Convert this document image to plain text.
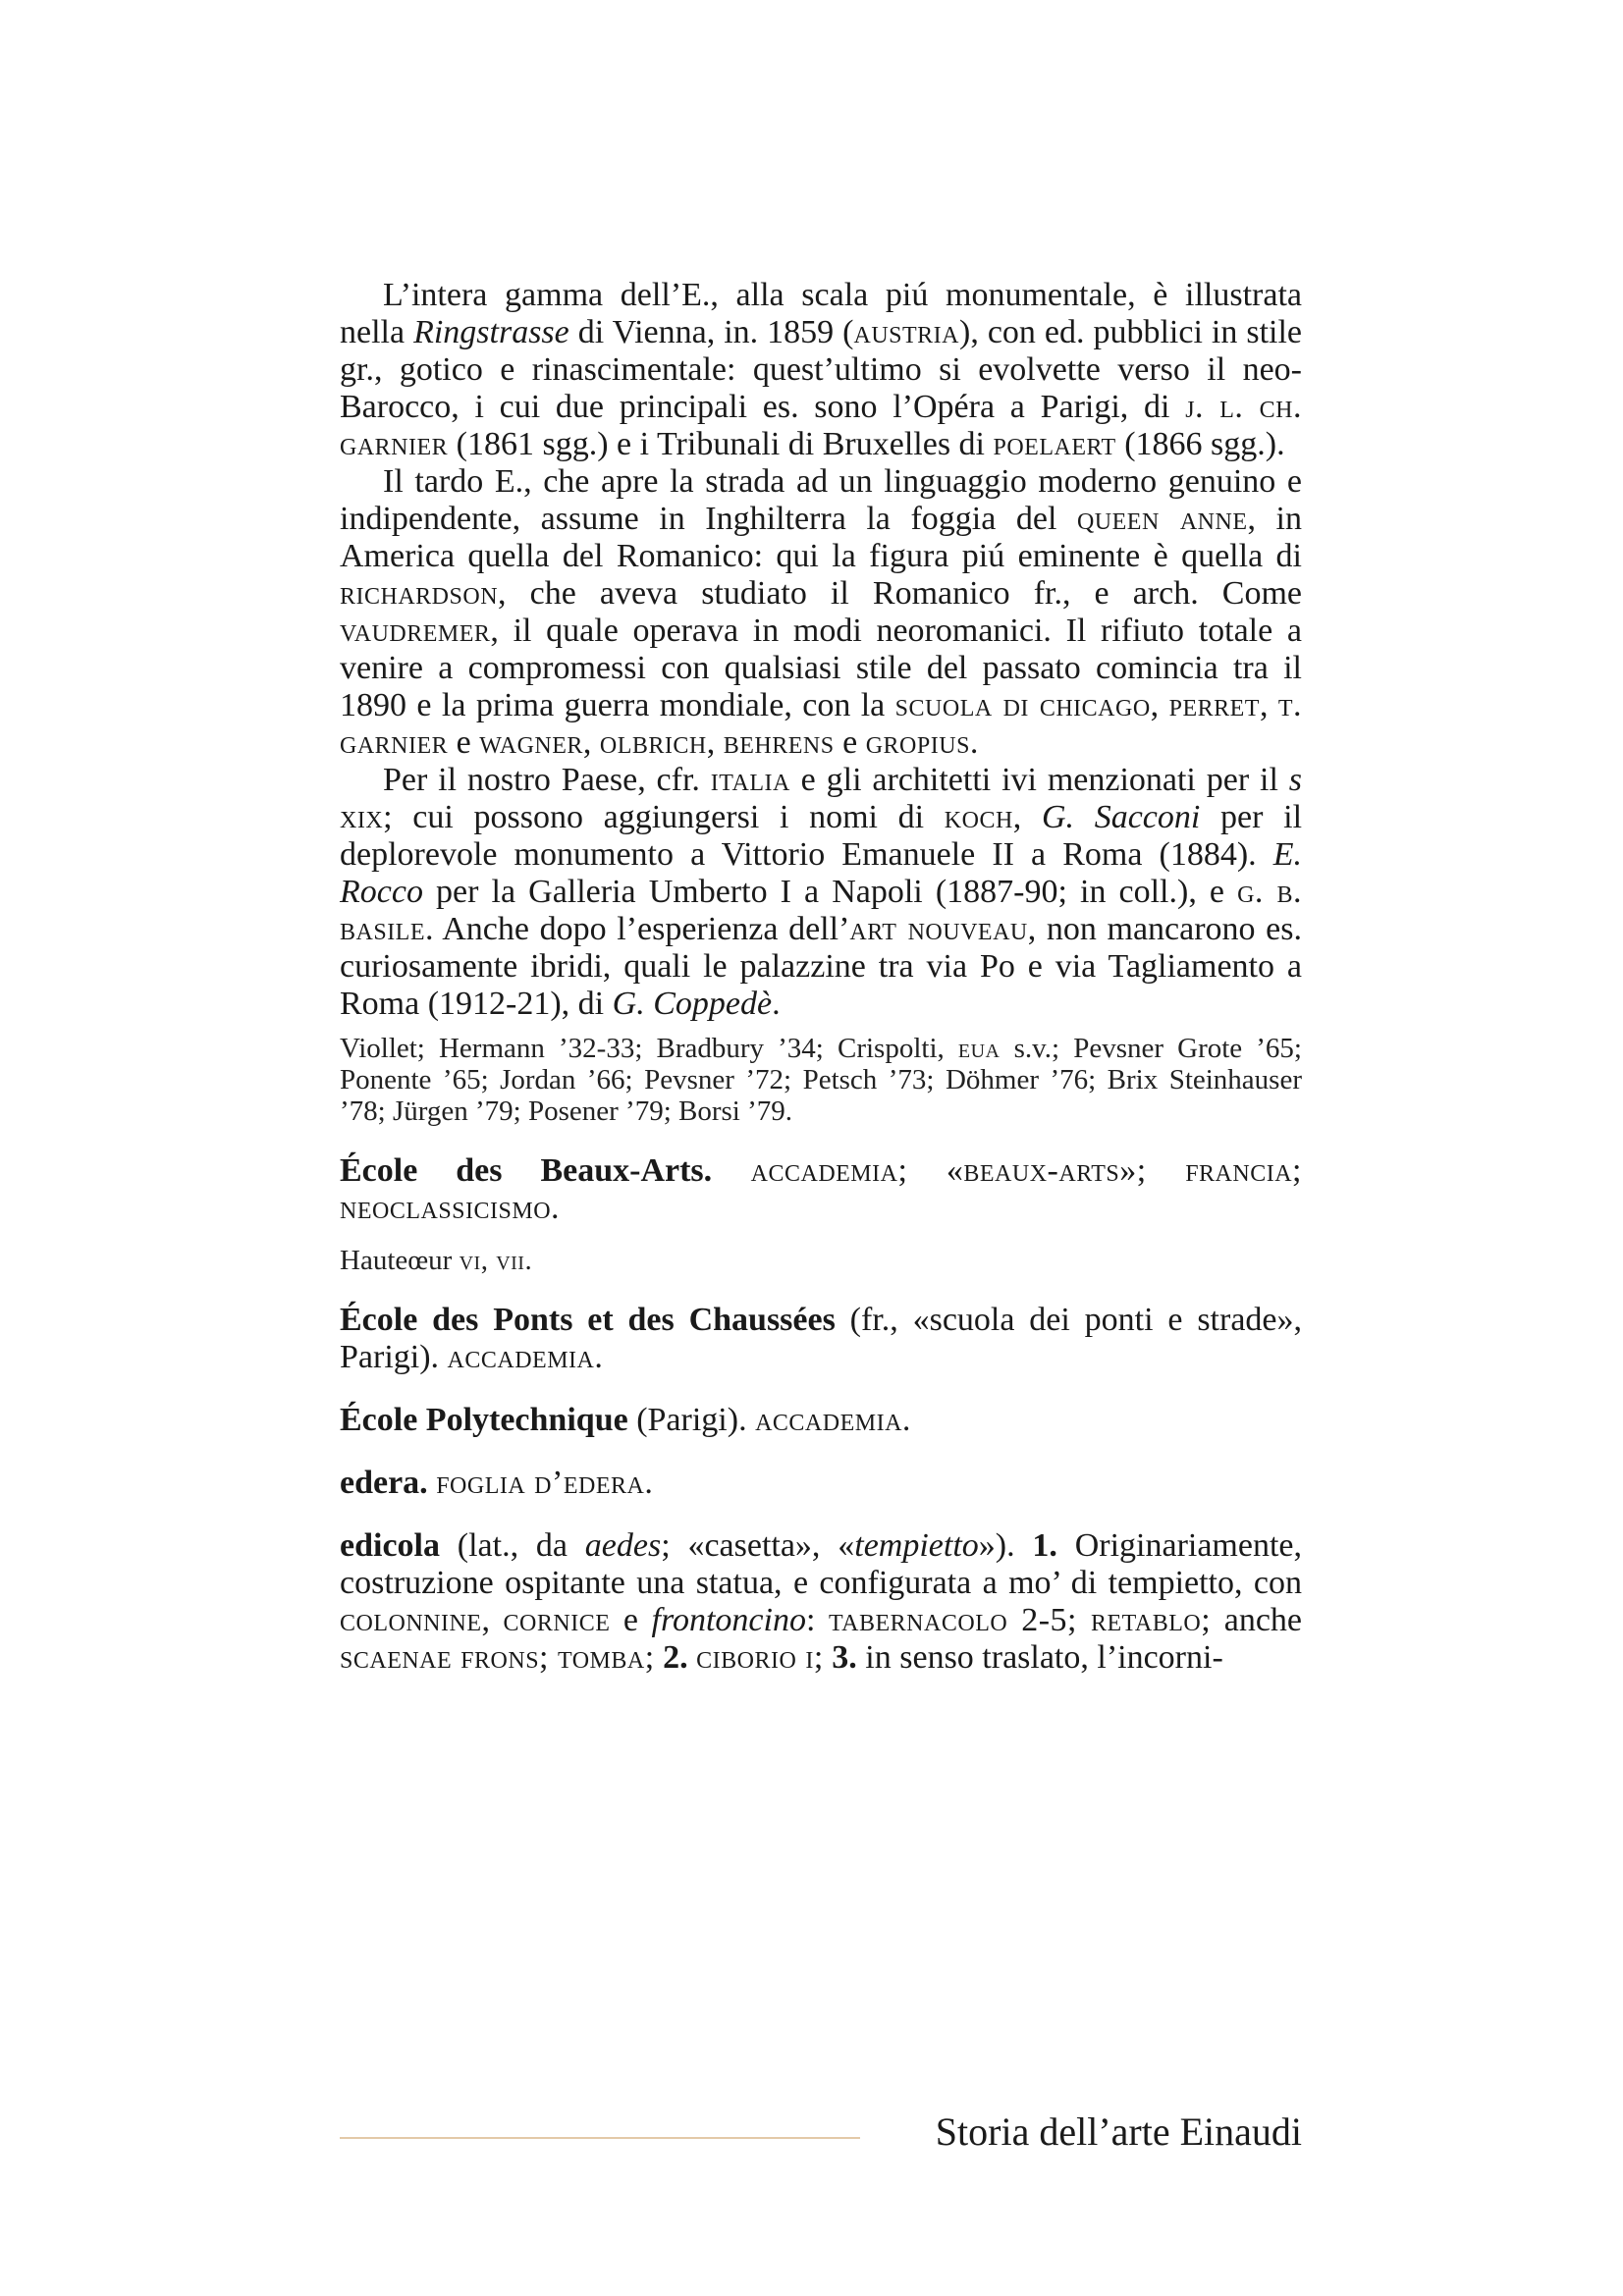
L’intera gamma dell’E., alla scala piú monumentale, è illustrata nella Ringstrasse di Vienna, in. 1859 (austria), con ed. pubblici in stile gr., gotico e rinascimentale: quest’ultimo si evolvette verso il neo-Barocco, i cui due principali es. sono l’Opéra a Parigi, di j. l. ch. garnier (1861 sgg.) e i Tribunali di Bruxelles di poelaert (1866 sgg.).

Il tardo E., che apre la strada ad un linguaggio moderno genuino e indipendente, assume in Inghilterra la foggia del queen anne, in America quella del Romanico: qui la figura piú eminente è quella di richardson, che aveva studiato il Romanico fr., e arch. Come vaudremer, il quale operava in modi neoromanici. Il rifiuto totale a venire a compromessi con qualsiasi stile del passato comincia tra il 1890 e la prima guerra mondiale, con la scuola di chicago, perret, t. garnier e wagner, olbrich, behrens e gropius.

Per il nostro Paese, cfr. italia e gli architetti ivi menzionati per il s xix; cui possono aggiungersi i nomi di koch, G. Sacconi per il deplorevole monumento a Vittorio Emanuele II a Roma (1884). E. Rocco per la Galleria Umberto I a Napoli (1887-90; in coll.), e g. b. basile. Anche dopo l’esperienza dell’art nouveau, non mancarono es. curiosamente ibridi, quali le palazzine tra via Po e via Tagliamento a Roma (1912-21), di G. Coppedè.

Viollet; Hermann ’32-33; Bradbury ’34; Crispolti, eua s.v.; Pevsner Grote ’65; Ponente ’65; Jordan ’66; Pevsner ’72; Petsch ’73; Döhmer ’76; Brix Steinhauser ’78; Jürgen ’79; Posener ’79; Borsi ’79.

École des Beaux-Arts. accademia; «beaux-arts»; francia; neoclassicismo.

Hauteœur vi, vii.

École des Ponts et des Chaussées (fr., «scuola dei ponti e strade», Parigi). accademia.

École Polytechnique (Parigi). accademia.

edera. foglia d’edera.

edicola (lat., da aedes; «casetta», «tempietto»). 1. Originariamente, costruzione ospitante una statua, e configurata a mo’ di tempietto, con colonnine, cornice e frontoncino: tabernacolo 2-5; retablo; anche scaenae frons; tomba; 2. ciborio i; 3. in senso traslato, l’incorni-

Storia dell’arte Einaudi
